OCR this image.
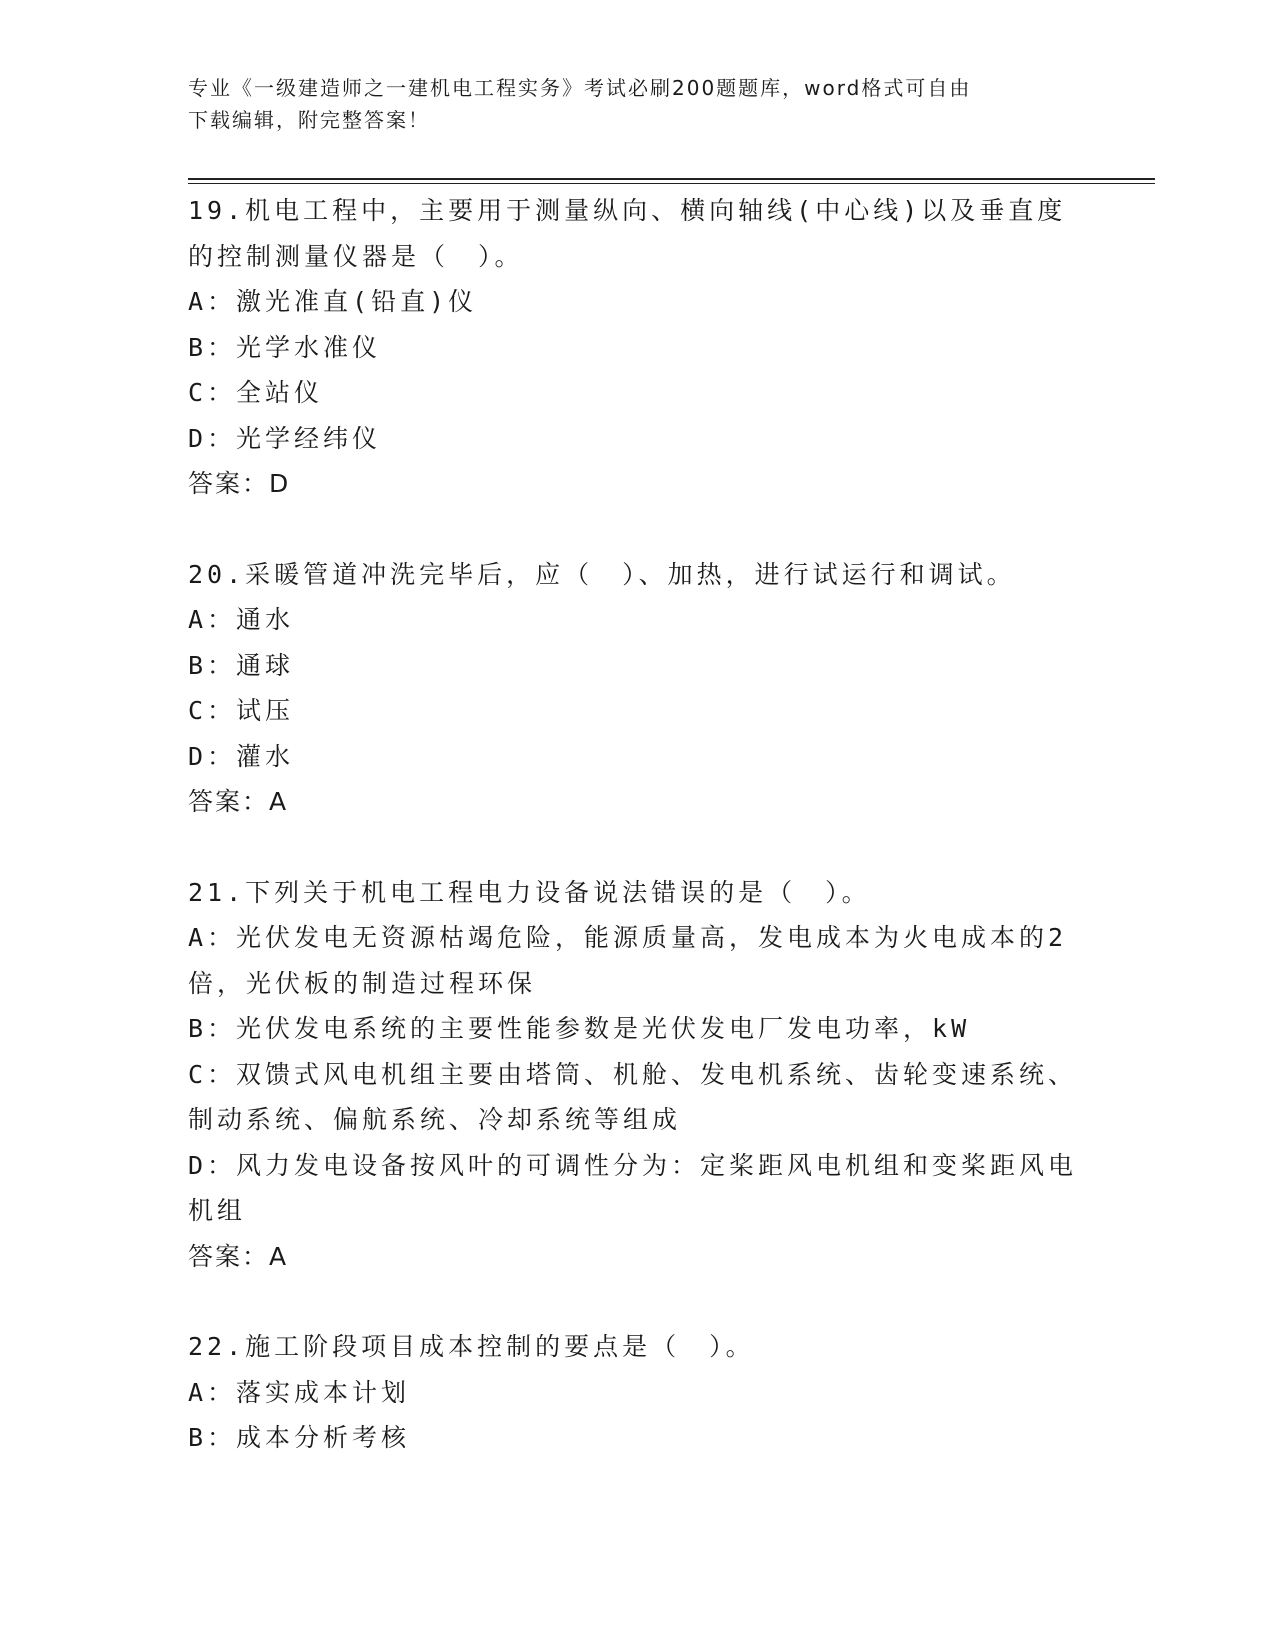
专业《一级建造师之一建机电工程实务》考试必刷200题题库，word格式可自由
下载编辑，附完整答案！

19.机电工程中，主要用于测量纵向、横向轴线(中心线)以及垂直度的控制测量仪器是（　）。

A：激光准直(铅直)仪

B：光学水准仪

C：全站仪

D：光学经纬仪

答案：D

20.采暖管道冲洗完毕后，应（　）、加热，进行试运行和调试。

A：通水

B：通球

C：试压

D：灌水

答案：A

21.下列关于机电工程电力设备说法错误的是（　）。

A：光伏发电无资源枯竭危险，能源质量高，发电成本为火电成本的2倍，光伏板的制造过程环保

B：光伏发电系统的主要性能参数是光伏发电厂发电功率，kW

C：双馈式风电机组主要由塔筒、机舱、发电机系统、齿轮变速系统、制动系统、偏航系统、冷却系统等组成

D：风力发电设备按风叶的可调性分为：定桨距风电机组和变桨距风电机组

答案：A

22.施工阶段项目成本控制的要点是（　）。

A：落实成本计划

B：成本分析考核
